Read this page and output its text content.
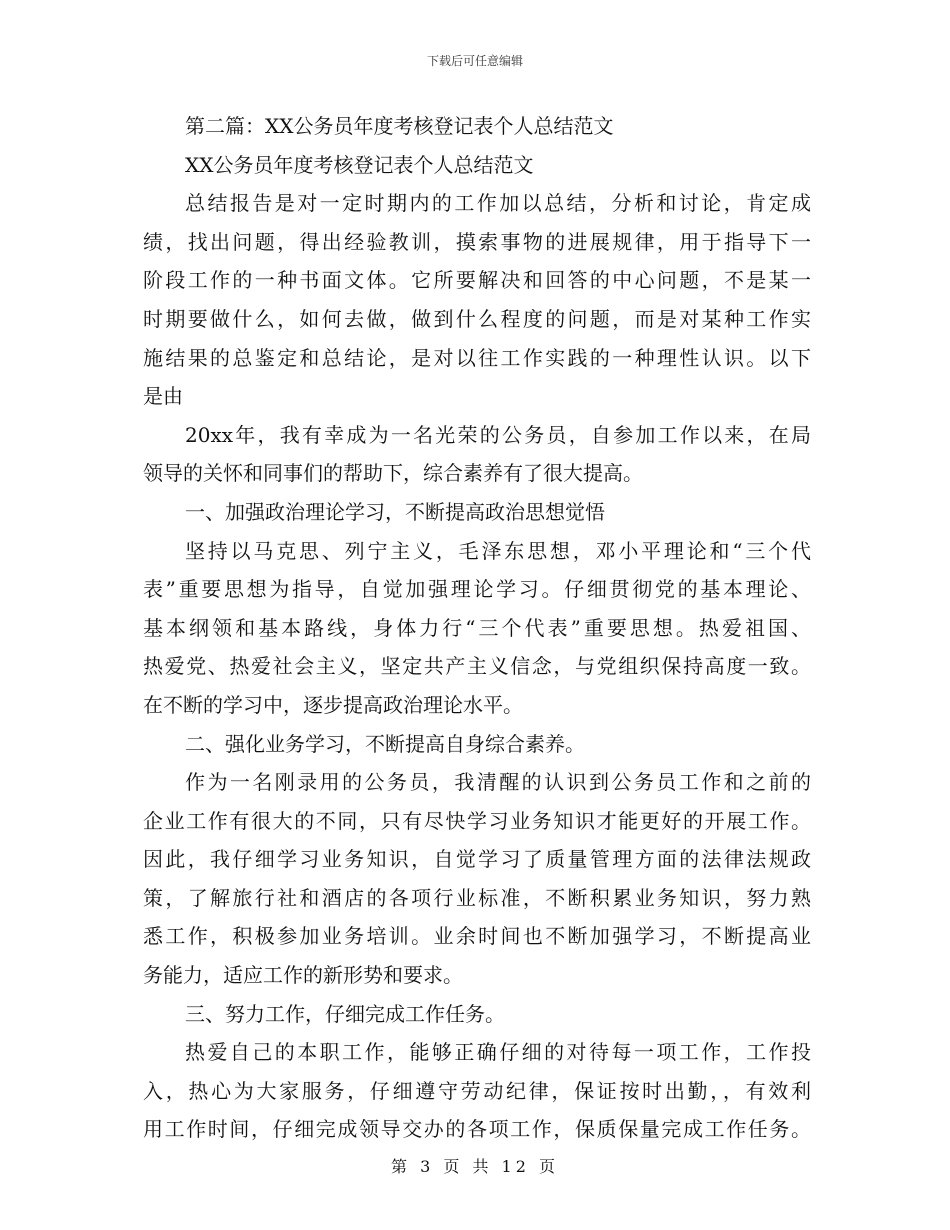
下载后可任意编辑

第二篇：XX公务员年度考核登记表个人总结范文

XX公务员年度考核登记表个人总结范文

总结报告是对一定时期内的工作加以总结，分析和讨论，肯定成

绩，找出问题，得出经验教训，摸索事物的进展规律，用于指导下一

阶段工作的一种书面文体。它所要解决和回答的中心问题，不是某一

时期要做什么，如何去做，做到什么程度的问题，而是对某种工作实

施结果的总鉴定和总结论，是对以往工作实践的一种理性认识。以下

是由

20xx年，我有幸成为一名光荣的公务员，自参加工作以来，在局

领导的关怀和同事们的帮助下，综合素养有了很大提高。

一、加强政治理论学习，不断提高政治思想觉悟

坚持以马克思、列宁主义，毛泽东思想，邓小平理论和“三个代

表”重要思想为指导，自觉加强理论学习。仔细贯彻党的基本理论、

基本纲领和基本路线，身体力行“三个代表”重要思想。热爱祖国、

热爱党、热爱社会主义，坚定共产主义信念，与党组织保持高度一致。

在不断的学习中，逐步提高政治理论水平。

二、强化业务学习，不断提高自身综合素养。

作为一名刚录用的公务员，我清醒的认识到公务员工作和之前的

企业工作有很大的不同，只有尽快学习业务知识才能更好的开展工作。

因此，我仔细学习业务知识，自觉学习了质量管理方面的法律法规政

策，了解旅行社和酒店的各项行业标准，不断积累业务知识，努力熟

悉工作，积极参加业务培训。业余时间也不断加强学习，不断提高业

务能力，适应工作的新形势和要求。

三、努力工作，仔细完成工作任务。

热爱自己的本职工作，能够正确仔细的对待每一项工作，工作投

入，热心为大家服务，仔细遵守劳动纪律，保证按时出勤，，有效利

用工作时间，仔细完成领导交办的各项工作，保质保量完成工作任务。

第 3 页 共 12 页
